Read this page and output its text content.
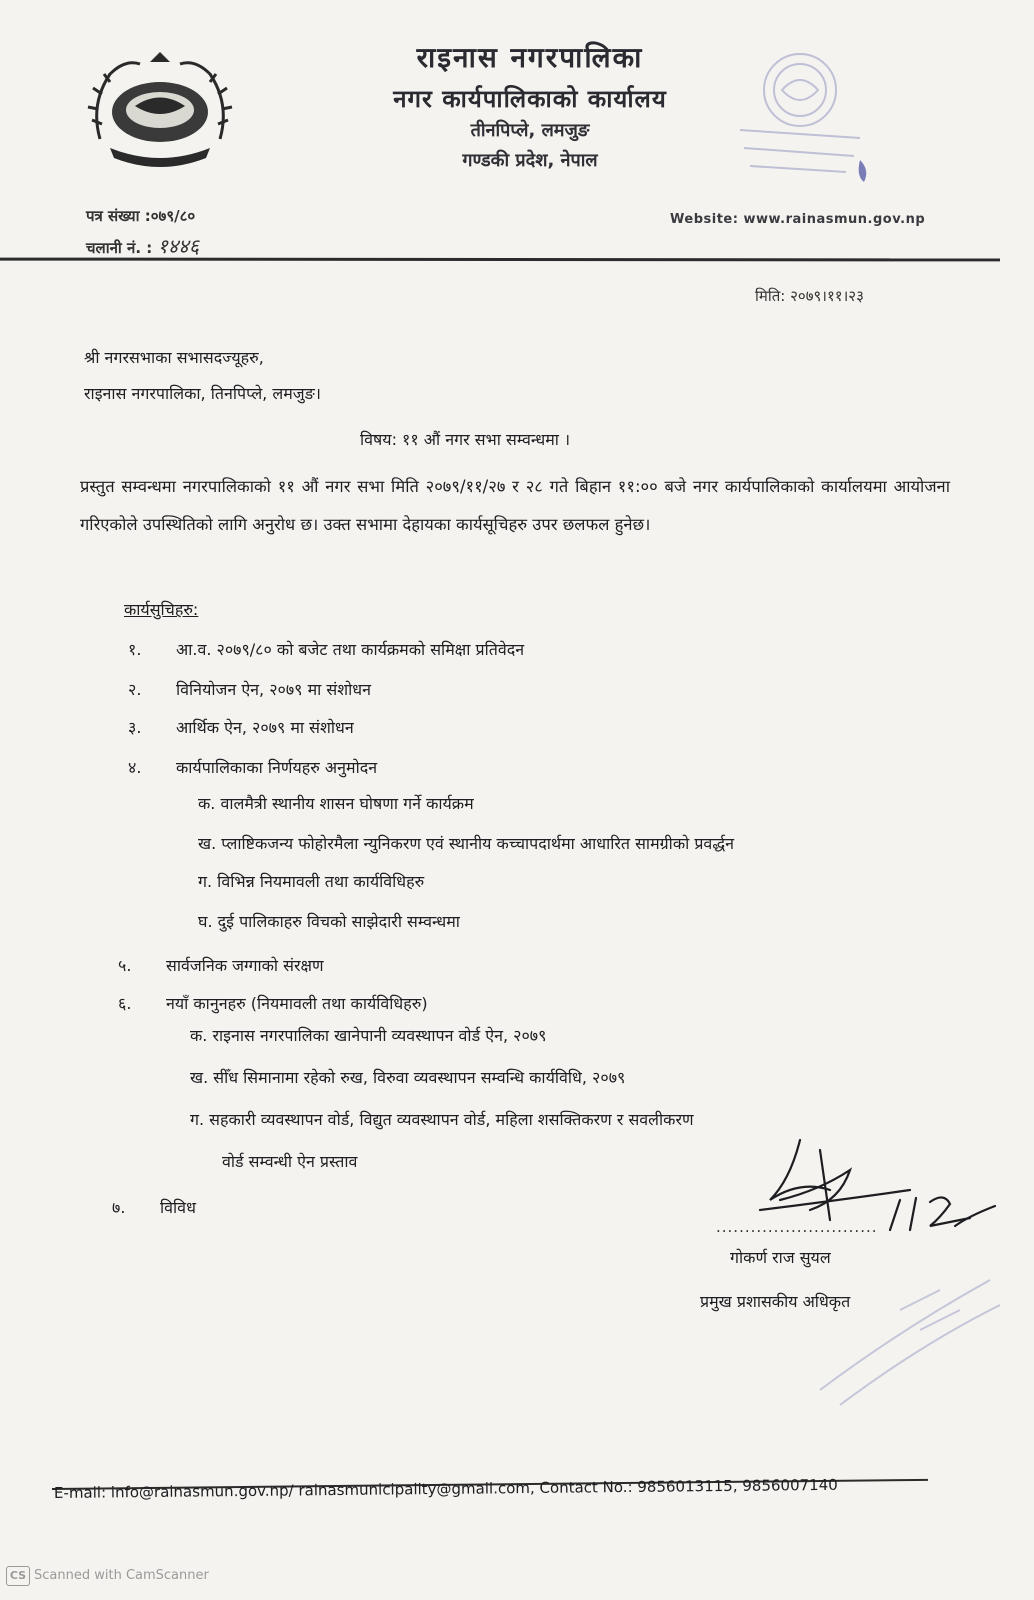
राइनास नगरपालिका
नगर कार्यपालिकाको कार्यालय
तीनपिप्ले, लमजुङ
गण्डकी प्रदेश, नेपाल
पत्र संख्या :०७९/८०
चलानी नं. : १४४६
Website: www.rainasmun.gov.np
मिति: २०७९।११।२३
श्री नगरसभाका सभासदज्यूहरु,
राइनास नगरपालिका, तिनपिप्ले, लमजुङ।
विषय: ११ औं नगर सभा सम्वन्धमा ।
प्रस्तुत सम्वन्धमा नगरपालिकाको ११ औं नगर सभा मिति २०७९/११/२७ र २८ गते बिहान ११:०० बजे नगर कार्यपालिकाको कार्यालयमा आयोजना गरिएकोले उपस्थितिको लागि अनुरोध छ। उक्त सभामा देहायका कार्यसूचिहरु उपर छलफल हुनेछ।
कार्यसुचिहरु:
१. आ.व. २०७९/८० को बजेट तथा कार्यक्रमको समिक्षा प्रतिवेदन
२. विनियोजन ऐन, २०७९ मा संशोधन
३. आर्थिक ऐन, २०७९ मा संशोधन
४. कार्यपालिकाका निर्णयहरु अनुमोदन
क. वालमैत्री स्थानीय शासन घोषणा गर्ने कार्यक्रम
ख. प्लाष्टिकजन्य फोहोरमैला न्युनिकरण एवं स्थानीय कच्चापदार्थमा आधारित सामग्रीको प्रवर्द्धन
ग. विभिन्न नियमावली तथा कार्यविधिहरु
घ. दुई पालिकाहरु विचको साझेदारी सम्वन्धमा
५. सार्वजनिक जग्गाको संरक्षण
६. नयाँ कानुनहरु (नियमावली तथा कार्यविधिहरु)
क. राइनास नगरपालिका खानेपानी व्यवस्थापन वोर्ड ऐन, २०७९
ख. सीँध सिमानामा रहेको रुख, विरुवा व्यवस्थापन सम्वन्धि कार्यविधि, २०७९
ग. सहकारी व्यवस्थापन वोर्ड, विद्युत व्यवस्थापन वोर्ड, महिला शसक्तिकरण र सवलीकरण
वोर्ड सम्वन्धी ऐन प्रस्ताव
७. विविध
............................
गोकर्ण राज सुयल
प्रमुख प्रशासकीय अधिकृत
E-mail: info@rainasmun.gov.np/ rainasmunicipality@gmail.com, Contact No.: 9856013115, 9856007140
CS Scanned with CamScanner
